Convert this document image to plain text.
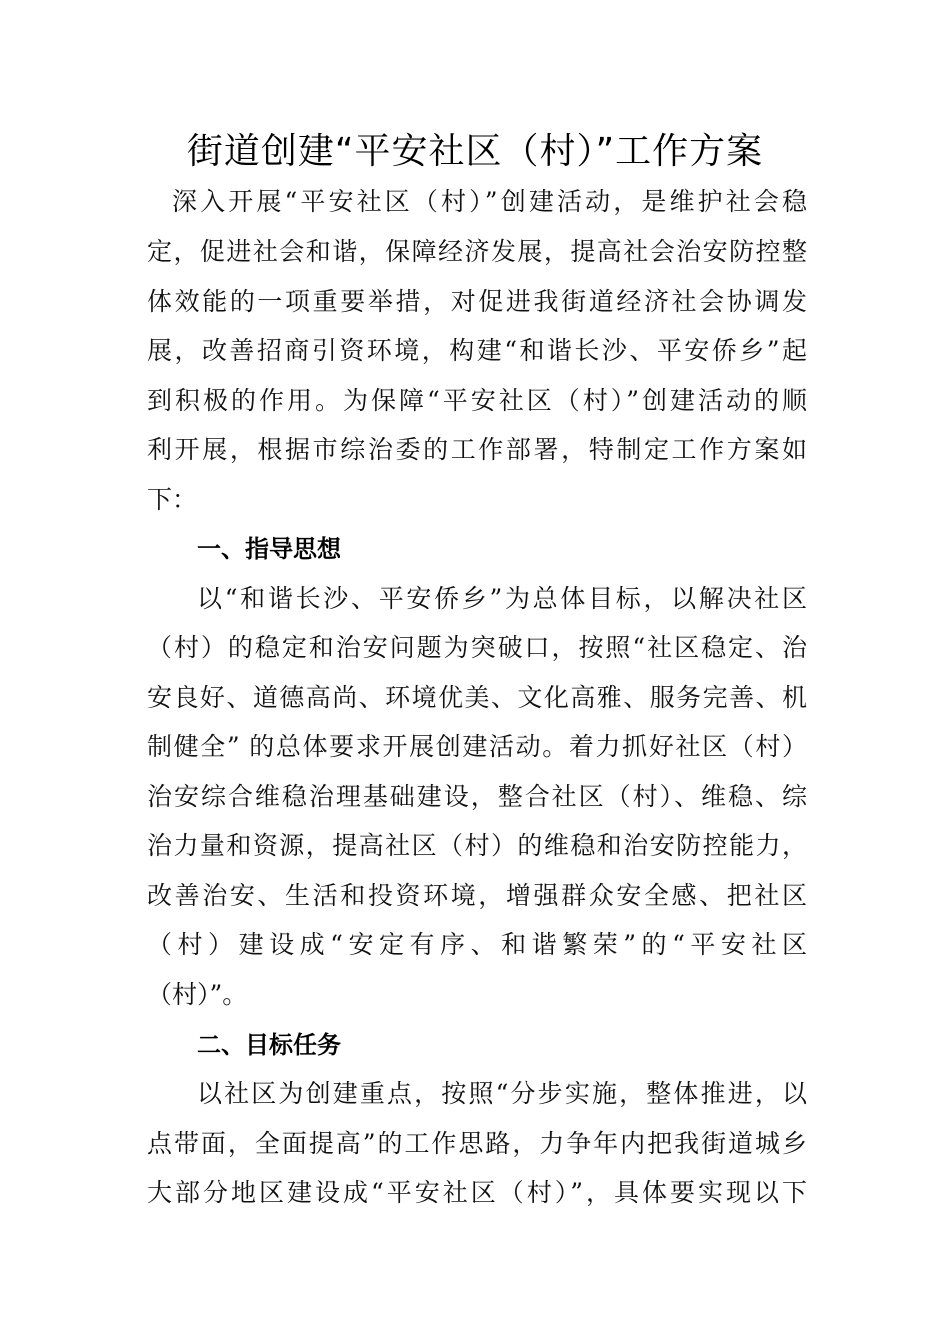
街道创建“平安社区（村）”工作方案
深入开展“平安社区（村）”创建活动，是维护社会稳
定，促进社会和谐，保障经济发展，提高社会治安防控整
体效能的一项重要举措，对促进我街道经济社会协调发
展，改善招商引资环境，构建“和谐长沙、平安侨乡”起
到积极的作用。为保障“平安社区（村）”创建活动的顺
利开展，根据市综治委的工作部署，特制定工作方案如
下：
一、指导思想
以“和谐长沙、平安侨乡”为总体目标，以解决社区
（村）的稳定和治安问题为突破口，按照“社区稳定、治
安良好、道德高尚、环境优美、文化高雅、服务完善、机
制健全” 的总体要求开展创建活动。着力抓好社区（村）
治安综合维稳治理基础建设，整合社区（村）、维稳、综
治力量和资源，提高社区（村）的维稳和治安防控能力，
改善治安、生活和投资环境，增强群众安全感、把社区
（村）建设成“安定有序、和谐繁荣”的“平安社区
（村）”。
二、目标任务
以社区为创建重点，按照“分步实施，整体推进，以
点带面，全面提高”的工作思路，力争年内把我街道城乡
大部分地区建设成“平安社区（村）”，具体要实现以下
